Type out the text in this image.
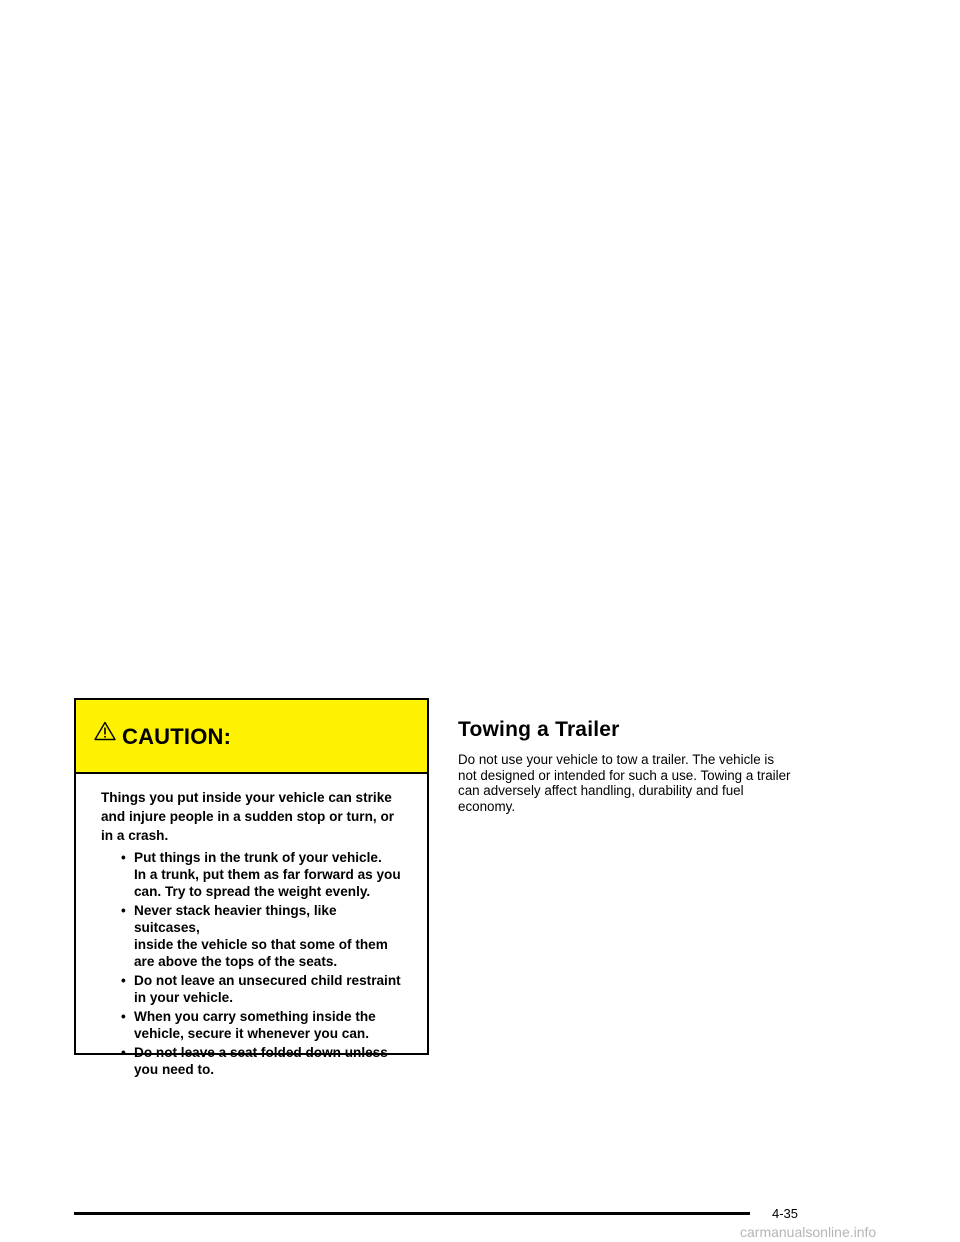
CAUTION:

Things you put inside your vehicle can strike and injure people in a sudden stop or turn, or in a crash.

• Put things in the trunk of your vehicle.
In a trunk, put them as far forward as you
can. Try to spread the weight evenly.
• Never stack heavier things, like suitcases,
inside the vehicle so that some of them
are above the tops of the seats.
• Do not leave an unsecured child restraint
in your vehicle.
• When you carry something inside the
vehicle, secure it whenever you can.
• Do not leave a seat folded down unless
you need to.
Towing a Trailer

Do not use your vehicle to tow a trailer. The vehicle is
not designed or intended for such a use. Towing a trailer
can adversely affect handling, durability and fuel
economy.

4-35
carmanualsonline.info
